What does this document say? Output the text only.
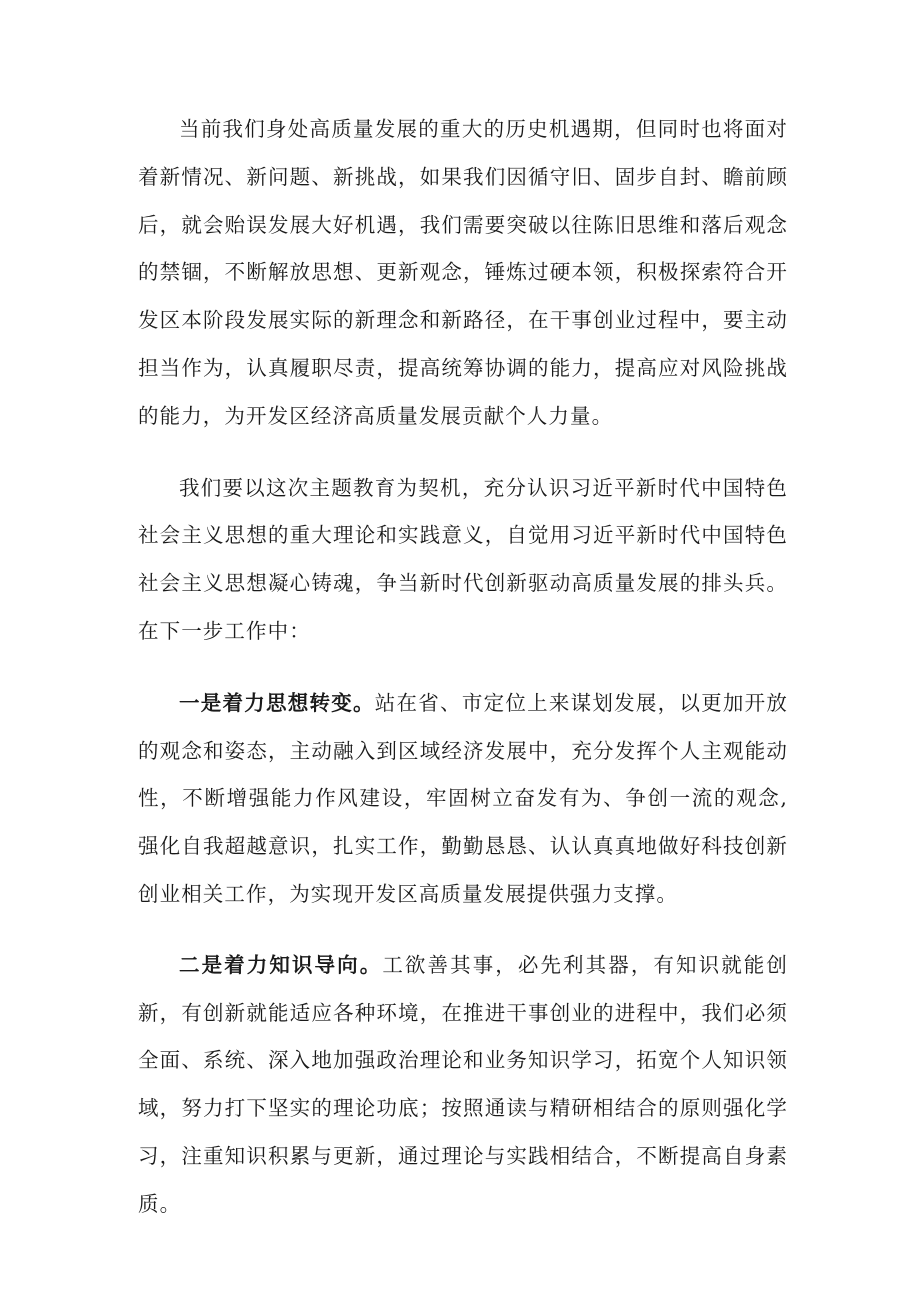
当前我们身处高质量发展的重大的历史机遇期，但同时也将面对着新情况、新问题、新挑战，如果我们因循守旧、固步自封、瞻前顾后，就会贻误发展大好机遇，我们需要突破以往陈旧思维和落后观念的禁锢，不断解放思想、更新观念，锤炼过硬本领，积极探索符合开发区本阶段发展实际的新理念和新路径，在干事创业过程中，要主动担当作为，认真履职尽责，提高统筹协调的能力，提高应对风险挑战的能力，为开发区经济高质量发展贡献个人力量。

我们要以这次主题教育为契机，充分认识习近平新时代中国特色社会主义思想的重大理论和实践意义，自觉用习近平新时代中国特色社会主义思想凝心铸魂，争当新时代创新驱动高质量发展的排头兵。在下一步工作中：

一是着力思想转变。站在省、市定位上来谋划发展，以更加开放的观念和姿态，主动融入到区域经济发展中，充分发挥个人主观能动性，不断增强能力作风建设，牢固树立奋发有为、争创一流的观念,强化自我超越意识，扎实工作，勤勤恳恳、认认真真地做好科技创新创业相关工作，为实现开发区高质量发展提供强力支撑。

二是着力知识导向。工欲善其事，必先利其器，有知识就能创新，有创新就能适应各种环境，在推进干事创业的进程中，我们必须全面、系统、深入地加强政治理论和业务知识学习，拓宽个人知识领域，努力打下坚实的理论功底；按照通读与精研相结合的原则强化学习，注重知识积累与更新，通过理论与实践相结合，不断提高自身素质。
